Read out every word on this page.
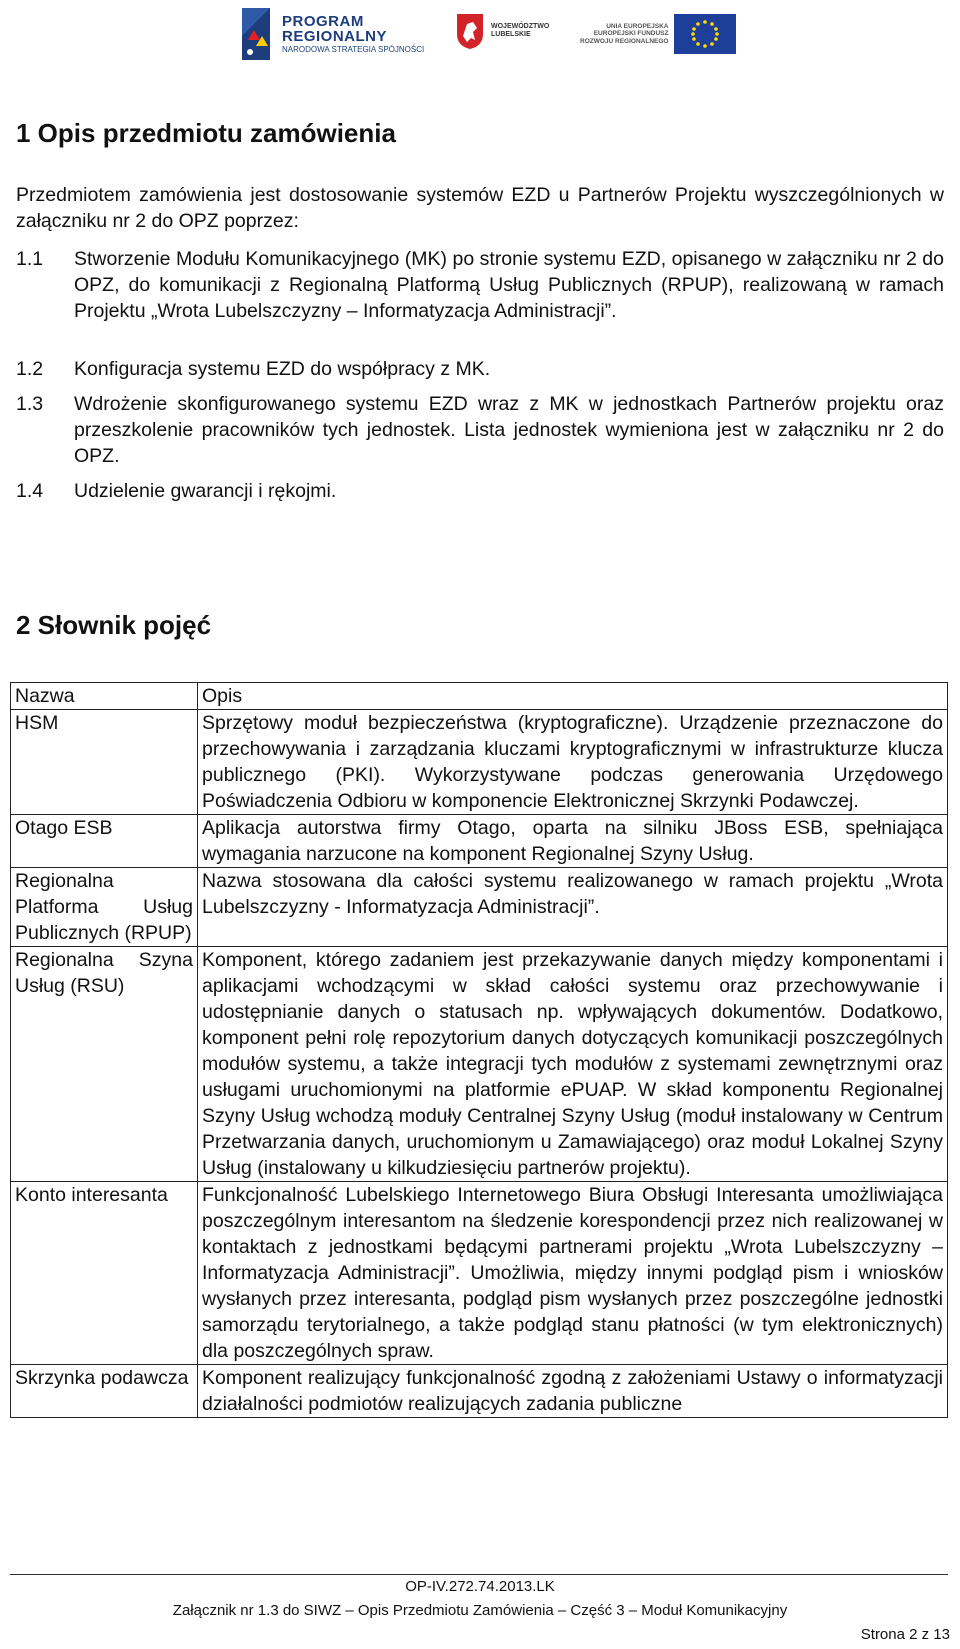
PROGRAM
REGIONALNY
NARODOWA STRATEGIA SPÓJNOŚCI
WOJEWÓDZTWO
LUBELSKIE
UNIA EUROPEJSKA
EUROPEJSKI FUNDUSZ
ROZWOJU REGIONALNEGO
1 Opis przedmiotu zamówienia

Przedmiotem zamówienia jest dostosowanie systemów EZD u Partnerów Projektu wyszczególnionych w załączniku nr 2 do OPZ poprzez:

1.1	Stworzenie Modułu Komunikacyjnego (MK) po stronie systemu EZD, opisanego w załączniku nr 2 do OPZ, do komunikacji z Regionalną Platformą Usług Publicznych (RPUP), realizowaną w ramach Projektu „Wrota Lubelszczyzny – Informatyzacja Administracji”.
1.2	Konfiguracja systemu EZD do współpracy z MK.
1.3	Wdrożenie skonfigurowanego systemu EZD wraz z MK w jednostkach Partnerów projektu oraz przeszkolenie pracowników tych jednostek. Lista jednostek wymieniona jest w załączniku nr 2 do OPZ.
1.4	Udzielenie gwarancji i rękojmi.
2 Słownik pojęć
Nazwa	Opis
HSM	Sprzętowy moduł bezpieczeństwa (kryptograficzne). Urządzenie przeznaczone do przechowywania i zarządzania kluczami kryptograficznymi w infrastrukturze klucza publicznego (PKI). Wykorzystywane podczas generowania Urzędowego Poświadczenia Odbioru w komponencie Elektronicznej Skrzynki Podawczej.
Otago ESB	Aplikacja autorstwa firmy Otago, oparta na silniku JBoss ESB, spełniająca wymagania narzucone na komponent Regionalnej Szyny Usług.
Regionalna Platforma Usług Publicznych (RPUP)	Nazwa stosowana dla całości systemu realizowanego w ramach projektu „Wrota Lubelszczyzny - Informatyzacja Administracji”.
Regionalna Szyna Usług (RSU)	Komponent, którego zadaniem jest przekazywanie danych między komponentami i aplikacjami wchodzącymi w skład całości systemu oraz przechowywanie i udostępnianie danych o statusach np. wpływających dokumentów. Dodatkowo, komponent pełni rolę repozytorium danych dotyczących komunikacji poszczególnych modułów systemu, a także integracji tych modułów z systemami zewnętrznymi oraz usługami uruchomionymi na platformie ePUAP. W skład komponentu Regionalnej Szyny Usług wchodzą moduły Centralnej Szyny Usług (moduł instalowany w Centrum Przetwarzania danych, uruchomionym u Zamawiającego) oraz moduł Lokalnej Szyny Usług (instalowany u kilkudziesięciu partnerów projektu).
Konto interesanta	Funkcjonalność Lubelskiego Internetowego Biura Obsługi Interesanta umożliwiająca poszczególnym interesantom na śledzenie korespondencji przez nich realizowanej w kontaktach z jednostkami będącymi partnerami projektu „Wrota Lubelszczyzny – Informatyzacja Administracji”. Umożliwia, między innymi podgląd pism i wniosków wysłanych przez interesanta, podgląd pism wysłanych przez poszczególne jednostki samorządu terytorialnego, a także podgląd stanu płatności (w tym elektronicznych) dla poszczególnych spraw.
Skrzynka podawcza	Komponent realizujący funkcjonalność zgodną z założeniami Ustawy o informatyzacji działalności podmiotów realizujących zadania publiczne
OP-IV.272.74.2013.LK
Załącznik nr 1.3 do SIWZ – Opis Przedmiotu Zamówienia – Część 3 – Moduł Komunikacyjny
Strona 2 z 13
